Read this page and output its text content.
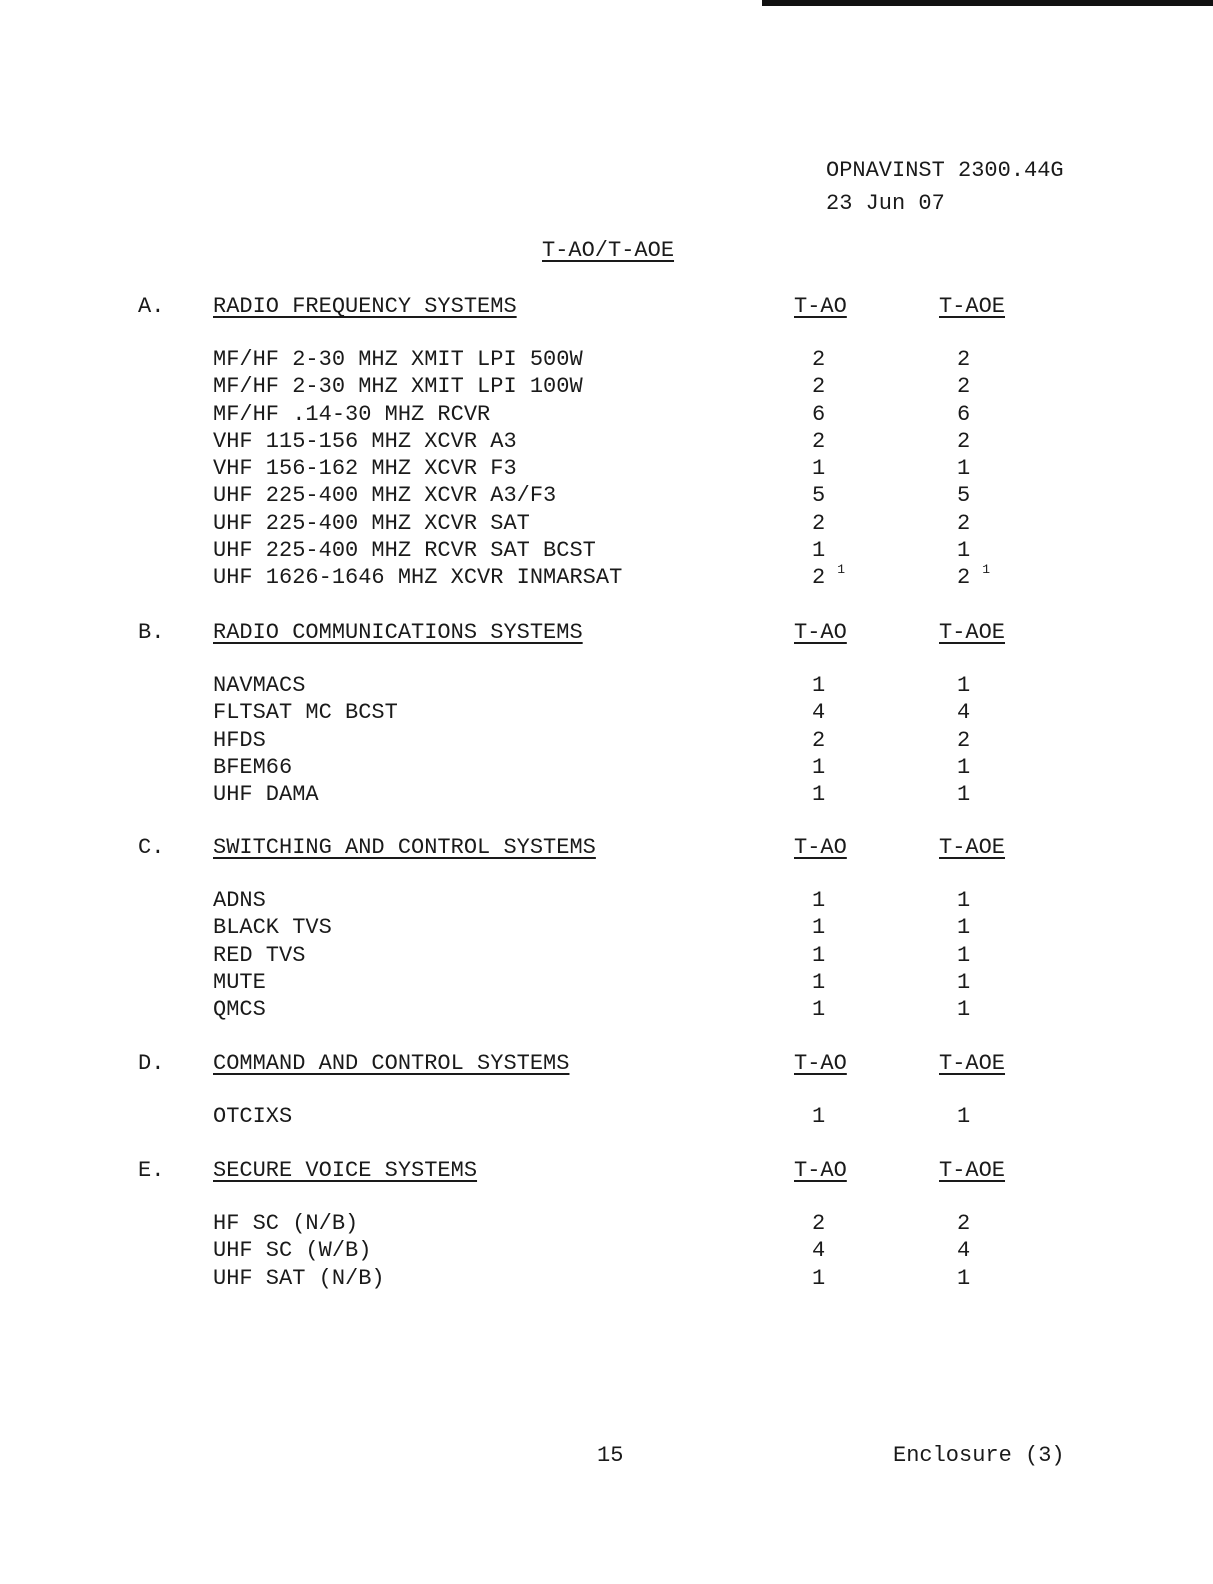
OPNAVINST 2300.44G
23 Jun 07
T-AO/T-AOE
A. RADIO FREQUENCY SYSTEMS	T-AO	T-AOE
MF/HF 2-30 MHZ XMIT LPI 500W	2	2
MF/HF 2-30 MHZ XMIT LPI 100W	2	2
MF/HF .14-30 MHZ RCVR	6	6
VHF 115-156 MHZ XCVR A3	2	2
VHF 156-162 MHZ XCVR F3	1	1
UHF 225-400 MHZ XCVR A3/F3	5	5
UHF 225-400 MHZ XCVR SAT	2	2
UHF 225-400 MHZ RCVR SAT BCST	1	1
UHF 1626-1646 MHZ XCVR INMARSAT	2 $^1$	2 $^1$
B. RADIO COMMUNICATIONS SYSTEMS	T-AO	T-AOE
NAVMACS	1	1
FLTSAT MC BCST	4	4
HFDS	2	2
BFEM66	1	1
UHF DAMA	1	1
C. SWITCHING AND CONTROL SYSTEMS	T-AO	T-AOE
ADNS	1	1
BLACK TVS	1	1
RED TVS	1	1
MUTE	1	1
QMCS	1	1
D. COMMAND AND CONTROL SYSTEMS	T-AO	T-AOE
OTCIXS	1	1
E. SECURE VOICE SYSTEMS	T-AO	T-AOE
HF SC (N/B)	2	2
UHF SC (W/B)	4	4
UHF SAT (N/B)	1	1
15	Enclosure (3)
